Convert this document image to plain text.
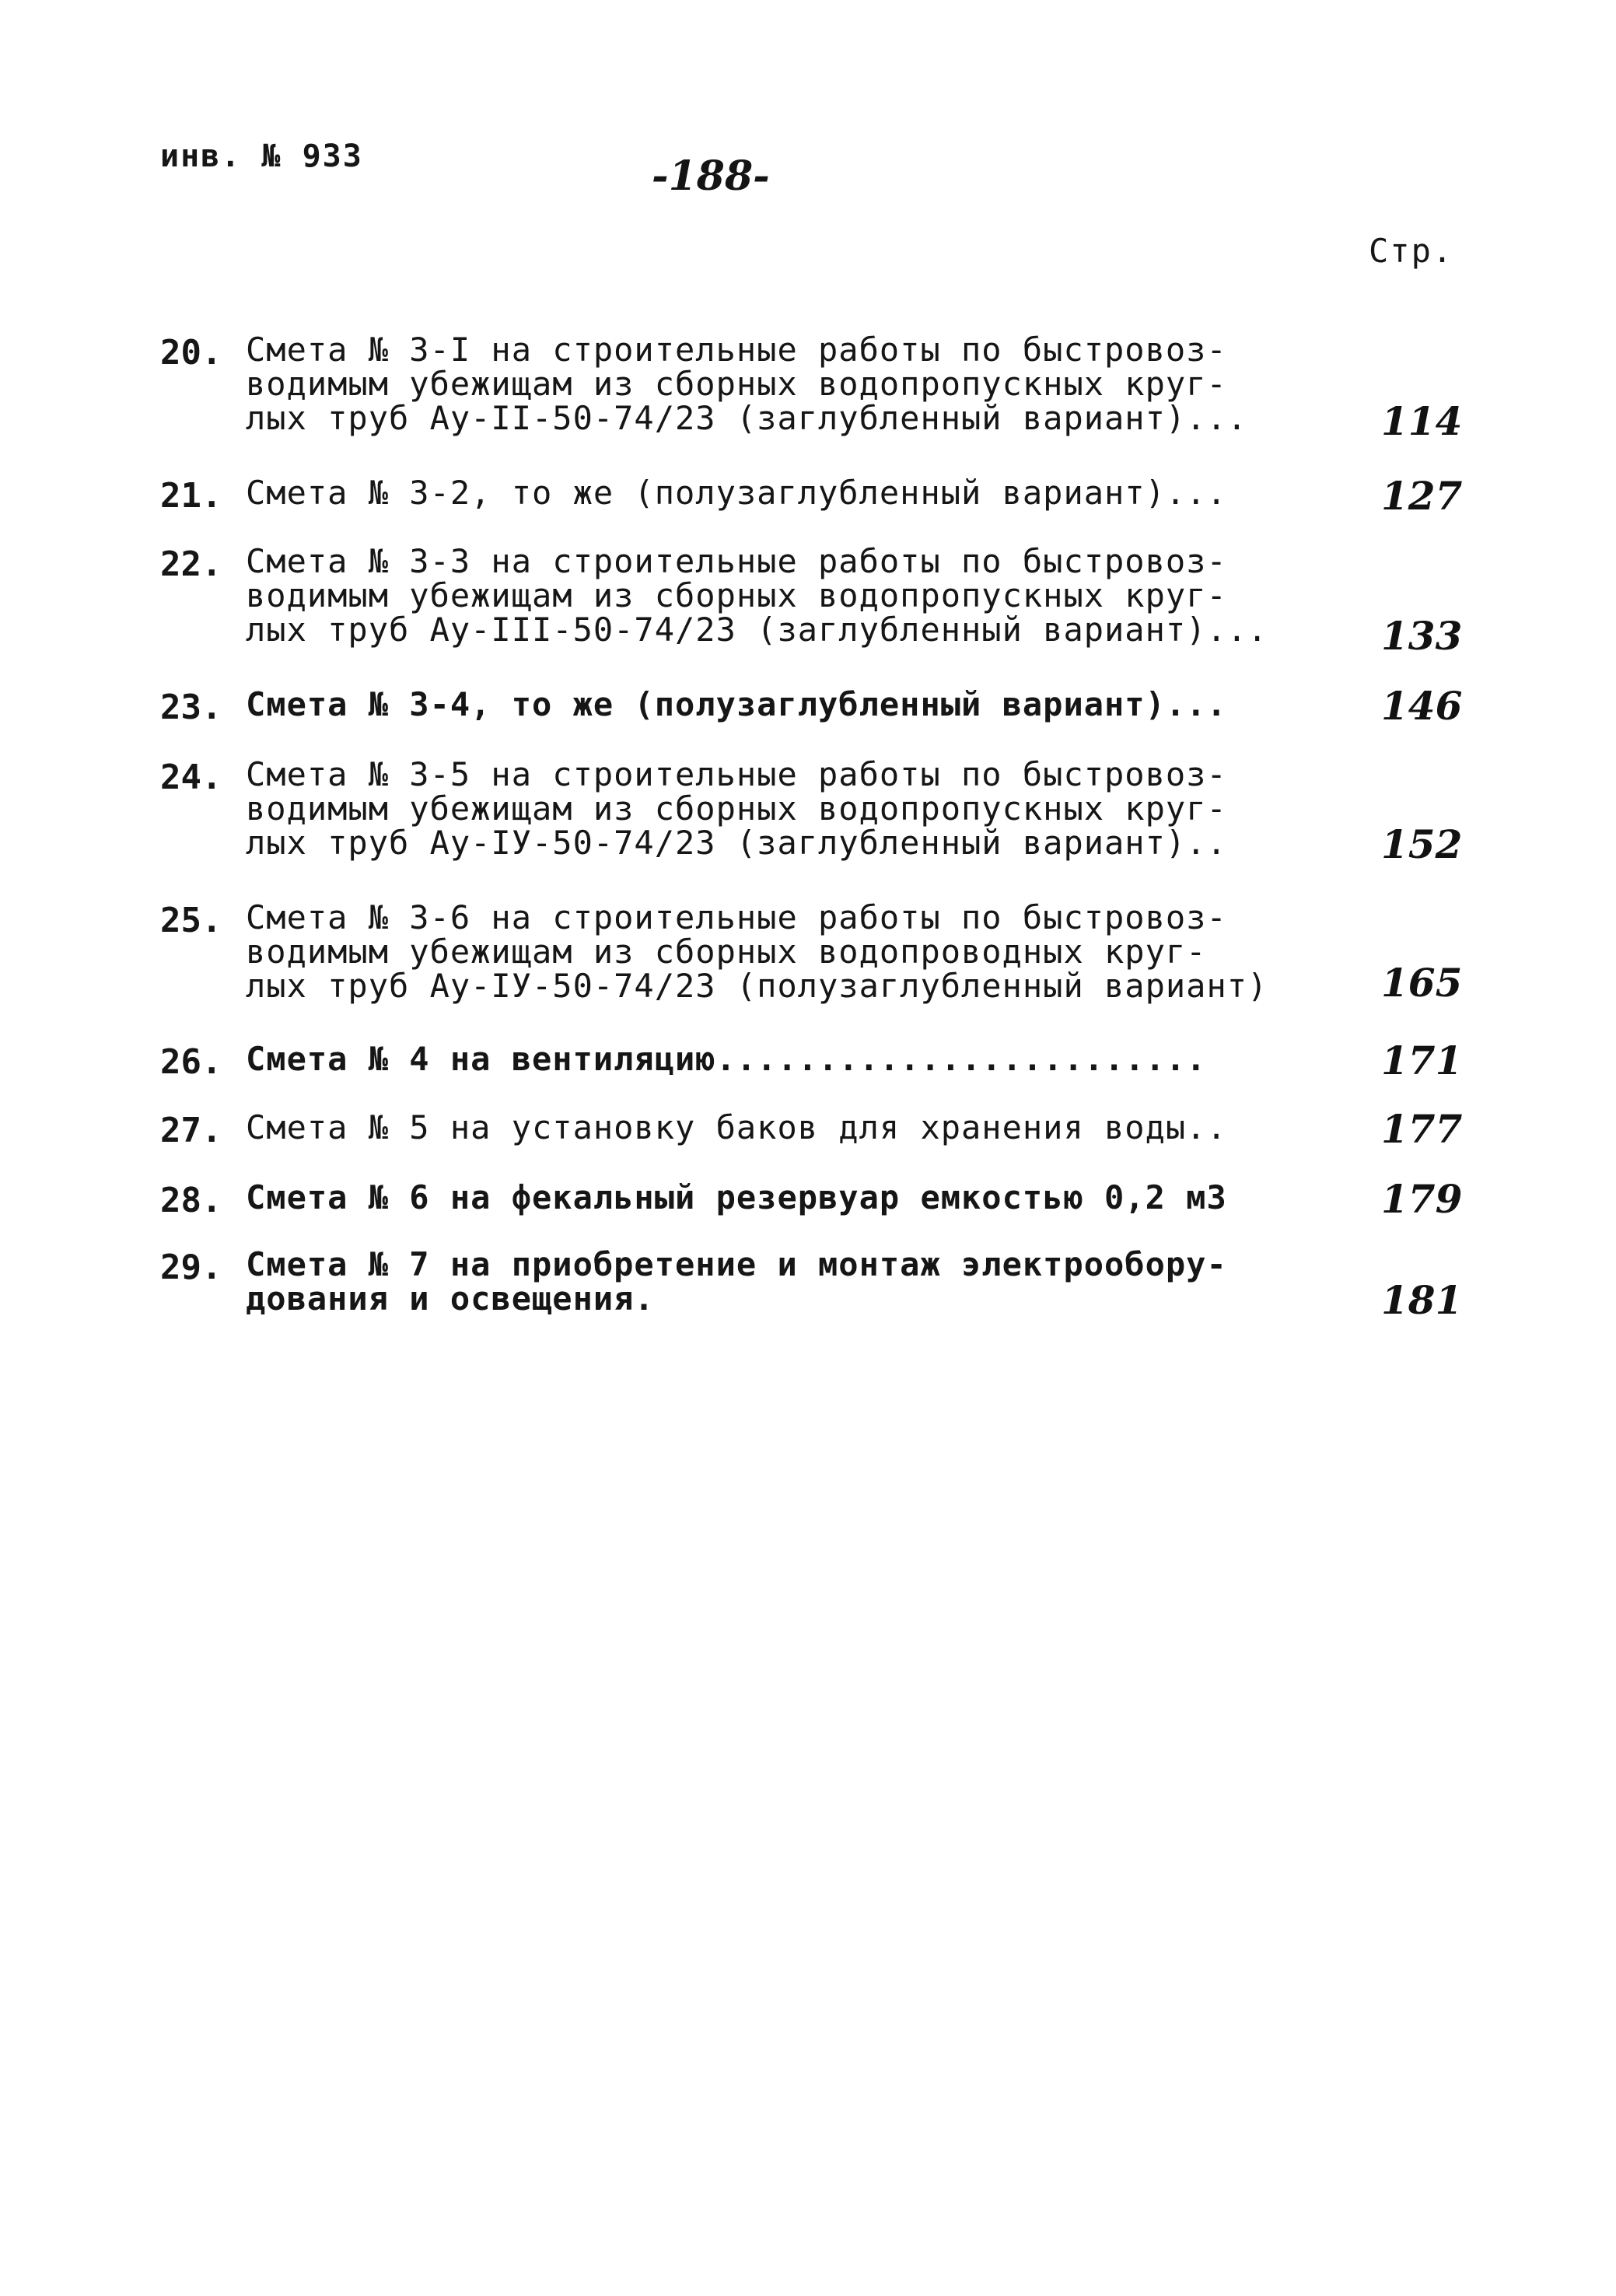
инв. № 933	-188-
Стр.
20. Смета № 3-I на строительные работы по быстровоз-
водимым убежищам из сборных водопропускных круг-
лых труб Ау-II-50-74/23 (заглубленный вариант)...	114
21. Смета № 3-2, то же (полузаглубленный вариант)...	127
22. Смета № 3-3 на строительные работы по быстровоз-
водимым убежищам из сборных водопропускных круг-
лых труб Ау-III-50-74/23 (заглубленный вариант)...	133
23. Смета № 3-4, то же (полузаглубленный вариант)...	146
24. Смета № 3-5 на строительные работы по быстровоз-
водимым убежищам из сборных водопропускных круг-
лых труб Ау-IУ-50-74/23 (заглубленный вариант)..	152
25. Смета № 3-6 на строительные работы по быстровоз-
водимым убежищам из сборных водопроводных круг-
лых труб Ау-IУ-50-74/23 (полузаглубленный вариант)	165
26. Смета № 4 на вентиляцию........................	171
27. Смета № 5 на установку баков для хранения воды..	177
28. Смета № 6 на фекальный резервуар емкостью 0,2 м3	179
29. Смета № 7 на приобретение и монтаж электрообору-
дования и освещения.	181
